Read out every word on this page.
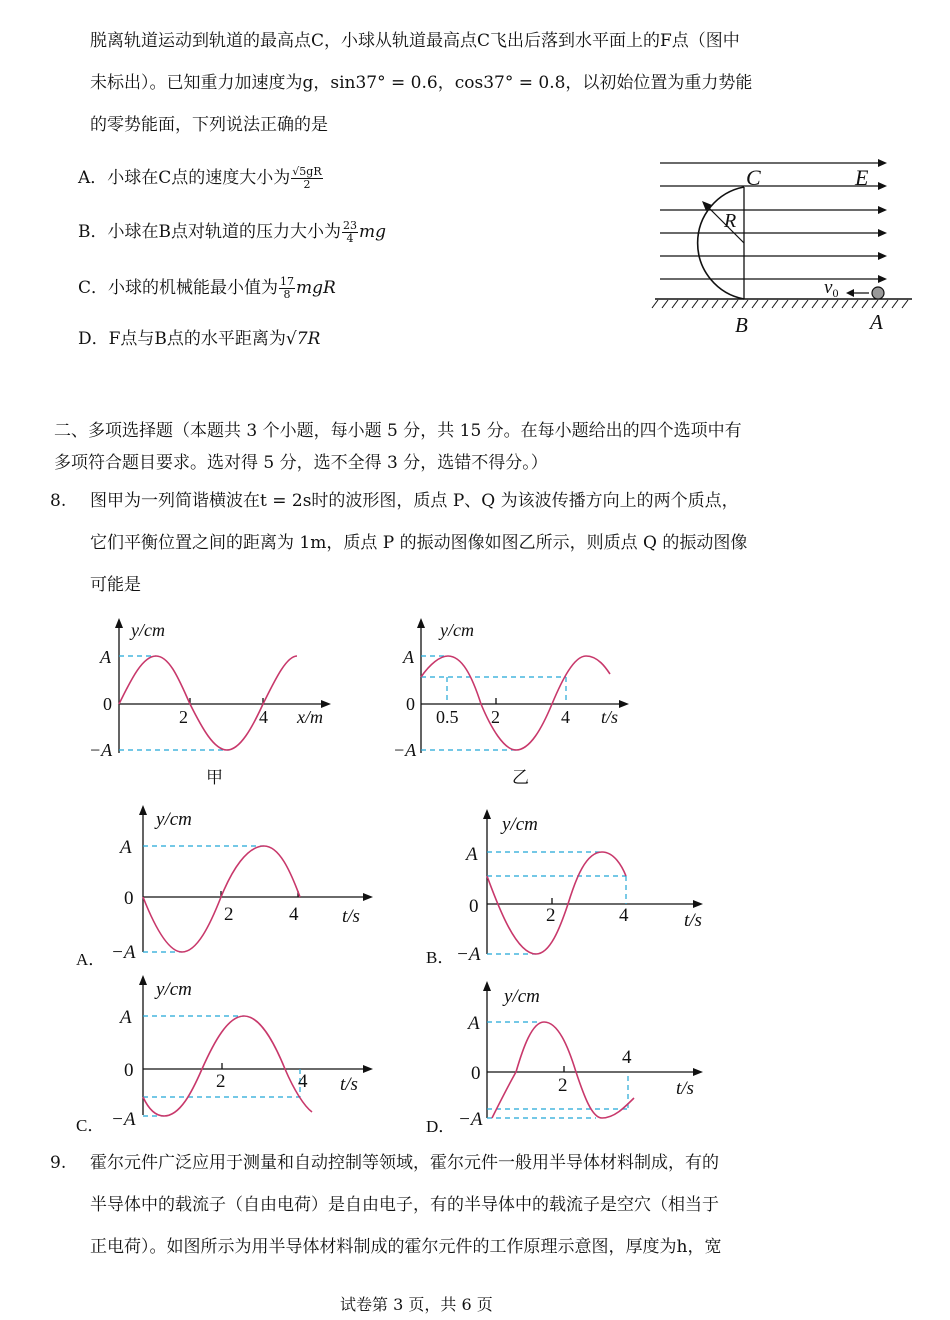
脱离轨道运动到轨道的最高点C，小球从轨道最高点C飞出后落到水平面上的F点（图中
未标出）。已知重力加速度为g，sin37° = 0.6，cos37° = 0.8，以初始位置为重力势能
的零势能面，下列说法正确的是
A．小球在C点的速度大小为 $\frac{√5gR}{2}$
B．小球在B点对轨道的压力大小为 $\frac{23}{4}$ mg
C．小球的机械能最小值为 $\frac{17}{8}$ mgR
D．F点与B点的水平距离为√7R
C	E
R
$v_0$
B	A
二、多项选择题（本题共 3 个小题，每小题 5 分，共 15 分。在每小题给出的四个选项中有
多项符合题目要求。选对得 5 分，选不全得 3 分，选错不得分。）
8. 图甲为一列简谐横波在t = 2s时的波形图，质点 P、Q 为该波传播方向上的两个质点，
它们平衡位置之间的距离为 1m，质点 P 的振动图像如图乙所示，则质点 Q 的振动图像
可能是
y/cm
A
0
−A
2	4 x/m
甲
y/cm
A
0
−A
0.5 2	4 t/s
乙
y/cm
A
0
−A
2	4 t/s
A．
y/cm
A
0
−A
2	4	t/s
B．
y/cm
A
0
−A
2	4 t/s
C．
y/cm
A
0
−A
2
4
t/s
D．
9. 霍尔元件广泛应用于测量和自动控制等领域，霍尔元件一般用半导体材料制成，有的
半导体中的载流子（自由电荷）是自由电子，有的半导体中的载流子是空穴（相当于
正电荷）。如图所示为用半导体材料制成的霍尔元件的工作原理示意图，厚度为h，宽
试卷第 3 页，共 6 页
